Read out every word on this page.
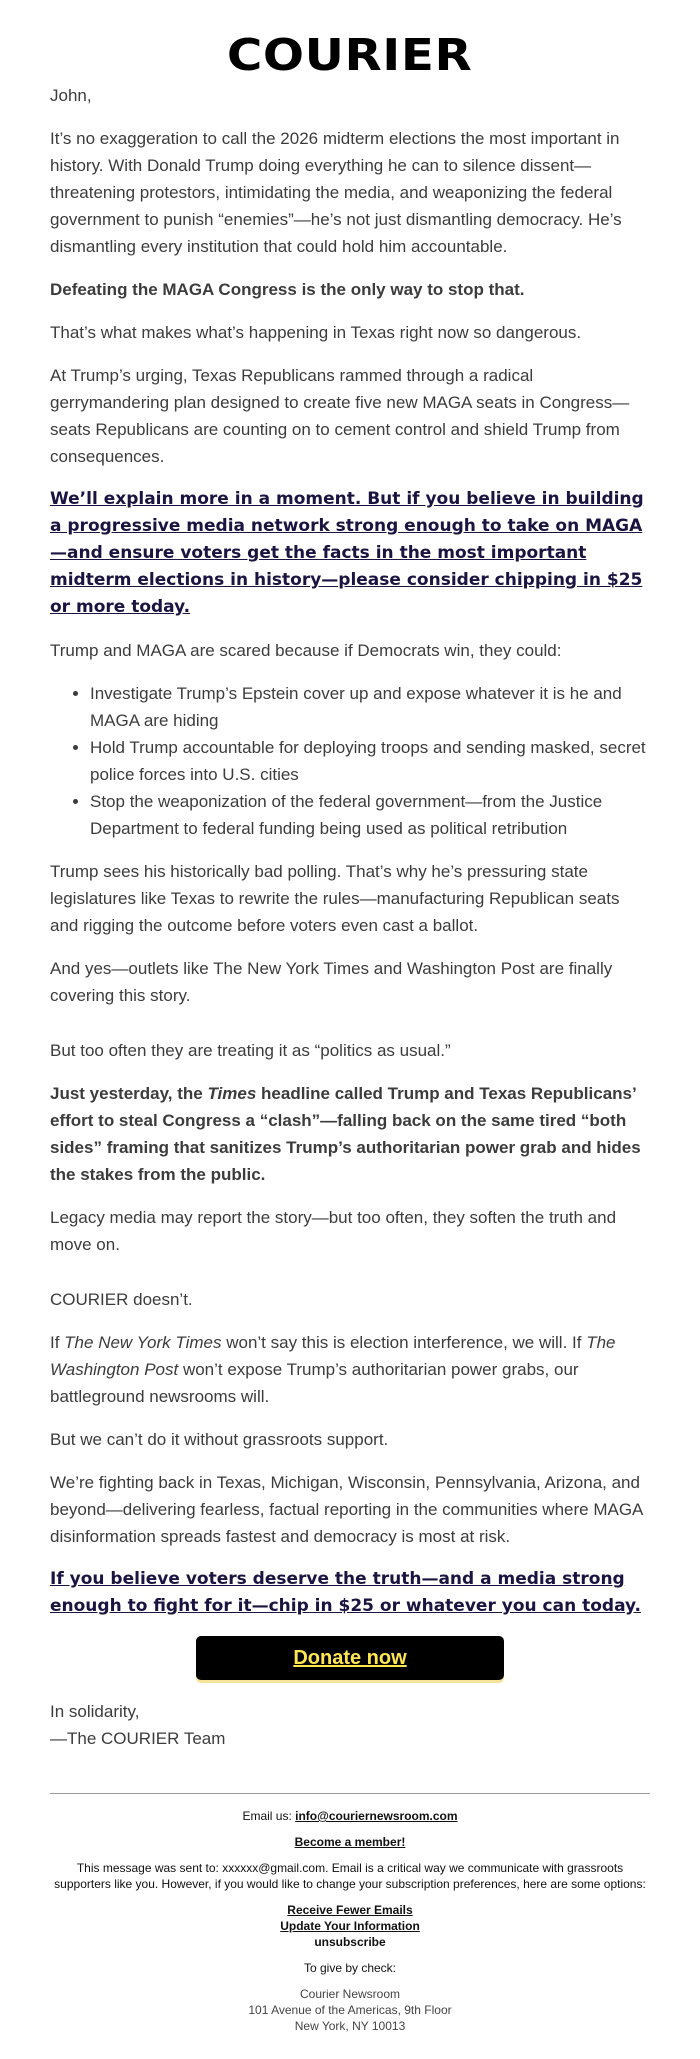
COURIER

John,

It’s no exaggeration to call the 2026 midterm elections the most important in history. With Donald Trump doing everything he can to silence dissent—threatening protestors, intimidating the media, and weaponizing the federal government to punish “enemies”—he’s not just dismantling democracy. He’s dismantling every institution that could hold him accountable.

Defeating the MAGA Congress is the only way to stop that.

That’s what makes what’s happening in Texas right now so dangerous.

At Trump’s urging, Texas Republicans rammed through a radical gerrymandering plan designed to create five new MAGA seats in Congress—seats Republicans are counting on to cement control and shield Trump from consequences.

We’ll explain more in a moment. But if you believe in building a progressive media network strong enough to take on MAGA—and ensure voters get the facts in the most important midterm elections in history—please consider chipping in $25 or more today.

Trump and MAGA are scared because if Democrats win, they could:

• Investigate Trump’s Epstein cover up and expose whatever it is he and MAGA are hiding
• Hold Trump accountable for deploying troops and sending masked, secret police forces into U.S. cities
• Stop the weaponization of the federal government—from the Justice Department to federal funding being used as political retribution

Trump sees his historically bad polling. That’s why he’s pressuring state legislatures like Texas to rewrite the rules—manufacturing Republican seats and rigging the outcome before voters even cast a ballot.

And yes—outlets like The New York Times and Washington Post are finally covering this story.

But too often they are treating it as “politics as usual.”

Just yesterday, the Times headline called Trump and Texas Republicans’ effort to steal Congress a “clash”—falling back on the same tired “both sides” framing that sanitizes Trump’s authoritarian power grab and hides the stakes from the public.

Legacy media may report the story—but too often, they soften the truth and move on.

COURIER doesn’t.

If The New York Times won’t say this is election interference, we will. If The Washington Post won’t expose Trump’s authoritarian power grabs, our battleground newsrooms will.

But we can’t do it without grassroots support.

We’re fighting back in Texas, Michigan, Wisconsin, Pennsylvania, Arizona, and beyond—delivering fearless, factual reporting in the communities where MAGA disinformation spreads fastest and democracy is most at risk.

If you believe voters deserve the truth—and a media strong enough to fight for it—chip in $25 or whatever you can today.
Donate now

In solidarity,

—The COURIER Team

Email us: info@couriernewsroom.com
Become a member!
This message was sent to: xxxxxx@gmail.com. Email is a critical way we communicate with grassroots supporters like you. However, if you would like to change your subscription preferences, here are some options:
Receive Fewer Emails
Update Your Information
unsubscribe
To give by check:
Courier Newsroom
101 Avenue of the Americas, 9th Floor
New York, NY 10013
